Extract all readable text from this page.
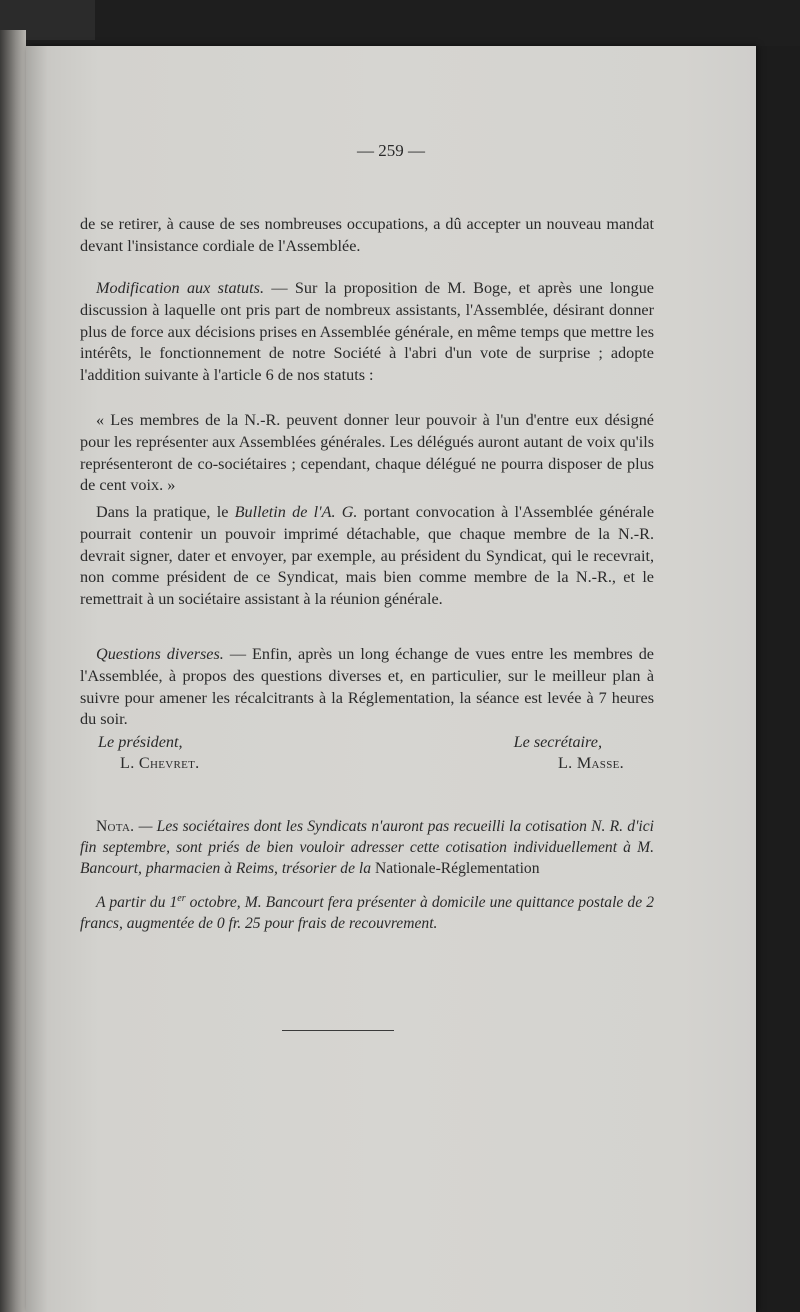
— 259 —
de se retirer, à cause de ses nombreuses occupations, a dû accepter un nouveau mandat devant l'insistance cordiale de l'Assemblée.
Modification aux statuts. — Sur la proposition de M. Boge, et après une longue discussion à laquelle ont pris part de nombreux assistants, l'Assemblée, désirant donner plus de force aux décisions prises en Assemblée générale, en même temps que mettre les intérêts, le fonctionnement de notre Société à l'abri d'un vote de surprise ; adopte l'addition suivante à l'article 6 de nos statuts :
« Les membres de la N.-R. peuvent donner leur pouvoir à l'un d'entre eux désigné pour les représenter aux Assemblées générales. Les délégués auront autant de voix qu'ils représenteront de co-sociétaires ; cependant, chaque délégué ne pourra disposer de plus de cent voix. »
Dans la pratique, le Bulletin de l'A. G. portant convocation à l'Assemblée générale pourrait contenir un pouvoir imprimé détachable, que chaque membre de la N.-R. devrait signer, dater et envoyer, par exemple, au président du Syndicat, qui le recevrait, non comme président de ce Syndicat, mais bien comme membre de la N.-R., et le remettrait à un sociétaire assistant à la réunion générale.
Questions diverses. — Enfin, après un long échange de vues entre les membres de l'Assemblée, à propos des questions diverses et, en particulier, sur le meilleur plan à suivre pour amener les récalcitrants à la Réglementation, la séance est levée à 7 heures du soir.
Le président,	Le secrétaire,
L. Chevret.	L. Masse.
Nota. — Les sociétaires dont les Syndicats n'auront pas recueilli la cotisation N. R. d'ici fin septembre, sont priés de bien vouloir adresser cette cotisation individuellement à M. Bancourt, pharmacien à Reims, trésorier de la Nationale-Réglementation
A partir du 1er octobre, M. Bancourt fera présenter à domicile une quittance postale de 2 francs, augmentée de 0 fr. 25 pour frais de recouvrement.
